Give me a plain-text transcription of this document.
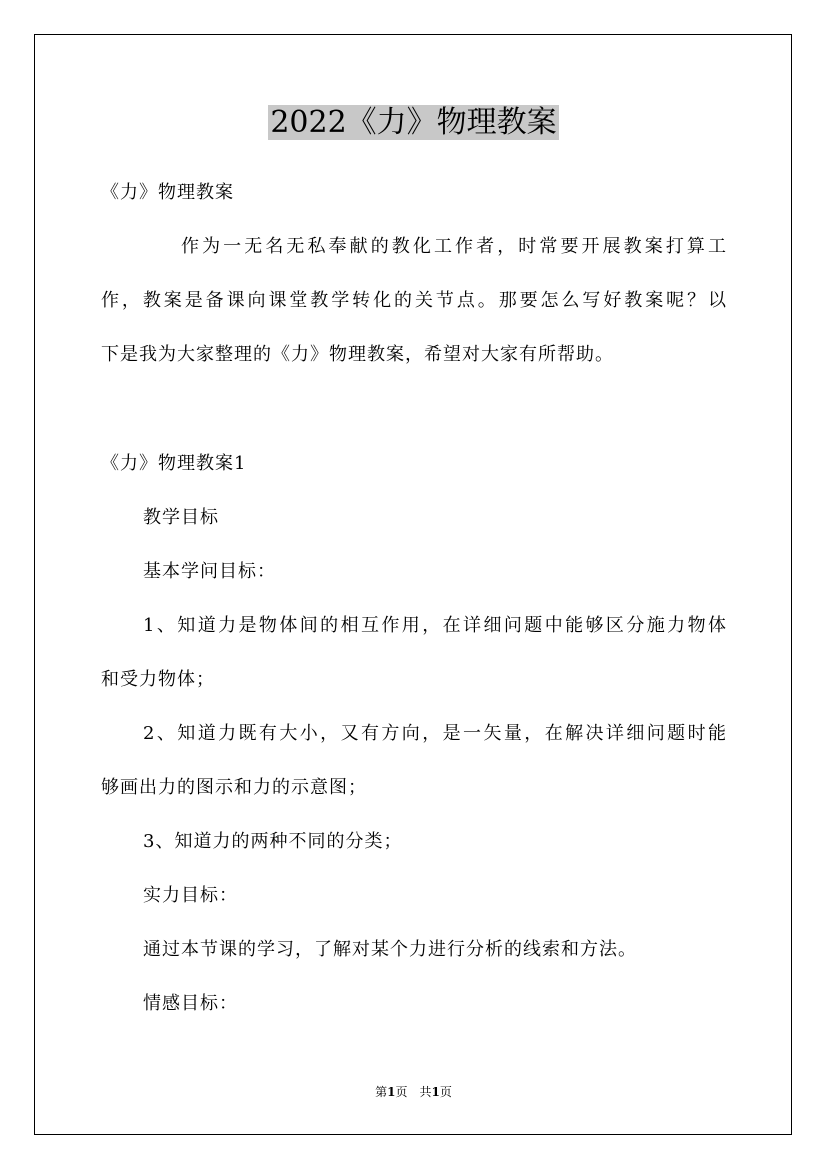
2022《力》物理教案
《力》物理教案
作为一无名无私奉献的教化工作者，时常要开展教案打算工
作，教案是备课向课堂教学转化的关节点。那要怎么写好教案呢？以
下是我为大家整理的《力》物理教案，希望对大家有所帮助。
《力》物理教案1
教学目标
基本学问目标：
1、知道力是物体间的相互作用，在详细问题中能够区分施力物体
和受力物体；
2、知道力既有大小，又有方向，是一矢量，在解决详细问题时能
够画出力的图示和力的示意图；
3、知道力的两种不同的分类；
实力目标：
通过本节课的学习，了解对某个力进行分析的线索和方法。
情感目标：
第1页　共1页
